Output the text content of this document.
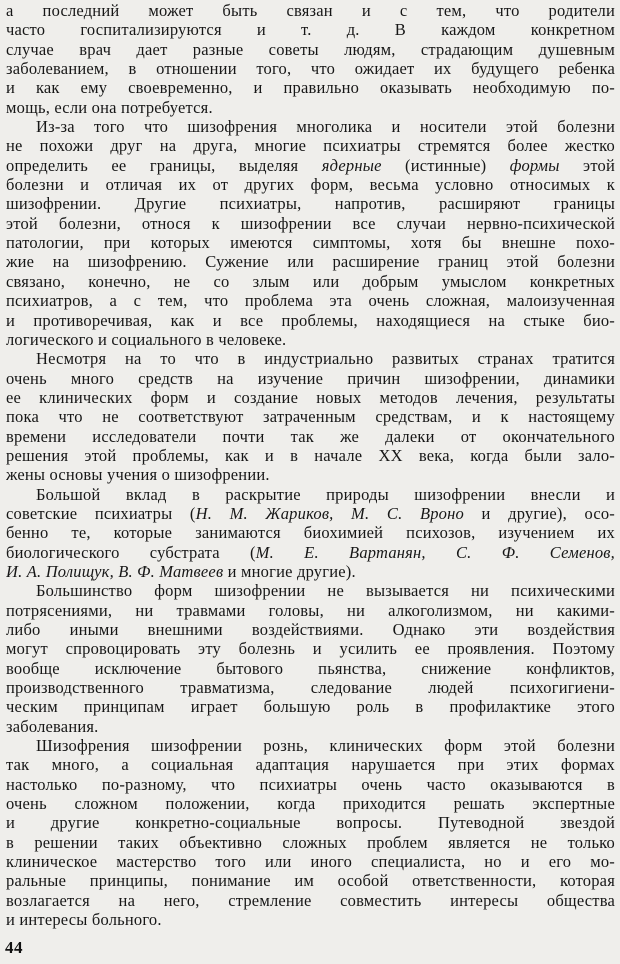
а последний может быть связан и с тем, что родители
часто госпитализируются и т. д. В каждом конкретном
случае врач дает разные советы людям, страдающим душевным
заболеванием, в отношении того, что ожидает их будущего ребенка
и как ему своевременно, и правильно оказывать необходимую по-
мощь, если она потребуется.
Из-за того что шизофрения многолика и носители этой болезни
не похожи друг на друга, многие психиатры стремятся более жестко
определить ее границы, выделяя ядерные (истинные) формы этой
болезни и отличая их от других форм, весьма условно относимых к
шизофрении. Другие психиатры, напротив, расширяют границы
этой болезни, относя к шизофрении все случаи нервно-психической
патологии, при которых имеются симптомы, хотя бы внешне похо-
жие на шизофрению. Сужение или расширение границ этой болезни
связано, конечно, не со злым или добрым умыслом конкретных
психиатров, а с тем, что проблема эта очень сложная, малоизученная
и противоречивая, как и все проблемы, находящиеся на стыке био-
логического и социального в человеке.
Несмотря на то что в индустриально развитых странах тратится
очень много средств на изучение причин шизофрении, динамики
ее клинических форм и создание новых методов лечения, результаты
пока что не соответствуют затраченным средствам, и к настоящему
времени исследователи почти так же далеки от окончательного
решения этой проблемы, как и в начале XX века, когда были зало-
жены основы учения о шизофрении.
Большой вклад в раскрытие природы шизофрении внесли и
советские психиатры (Н. М. Жариков, М. С. Вроно и другие), осо-
бенно те, которые занимаются биохимией психозов, изучением их
биологического субстрата (М. Е. Вартанян, С. Ф. Семенов,
И. А. Полищук, В. Ф. Матвеев и многие другие).
Большинство форм шизофрении не вызывается ни психическими
потрясениями, ни травмами головы, ни алкоголизмом, ни какими-
либо иными внешними воздействиями. Однако эти воздействия
могут спровоцировать эту болезнь и усилить ее проявления. Поэтому
вообще исключение бытового пьянства, снижение конфликтов,
производственного травматизма, следование людей психогигиени-
ческим принципам играет большую роль в профилактике этого
заболевания.
Шизофрения шизофрении рознь, клинических форм этой болезни
так много, а социальная адаптация нарушается при этих формах
настолько по-разному, что психиатры очень часто оказываются в
очень сложном положении, когда приходится решать экспертные
и другие конкретно-социальные вопросы. Путеводной звездой
в решении таких объективно сложных проблем является не только
клиническое мастерство того или иного специалиста, но и его мо-
ральные принципы, понимание им особой ответственности, которая
возлагается на него, стремление совместить интересы общества
и интересы больного.
44
